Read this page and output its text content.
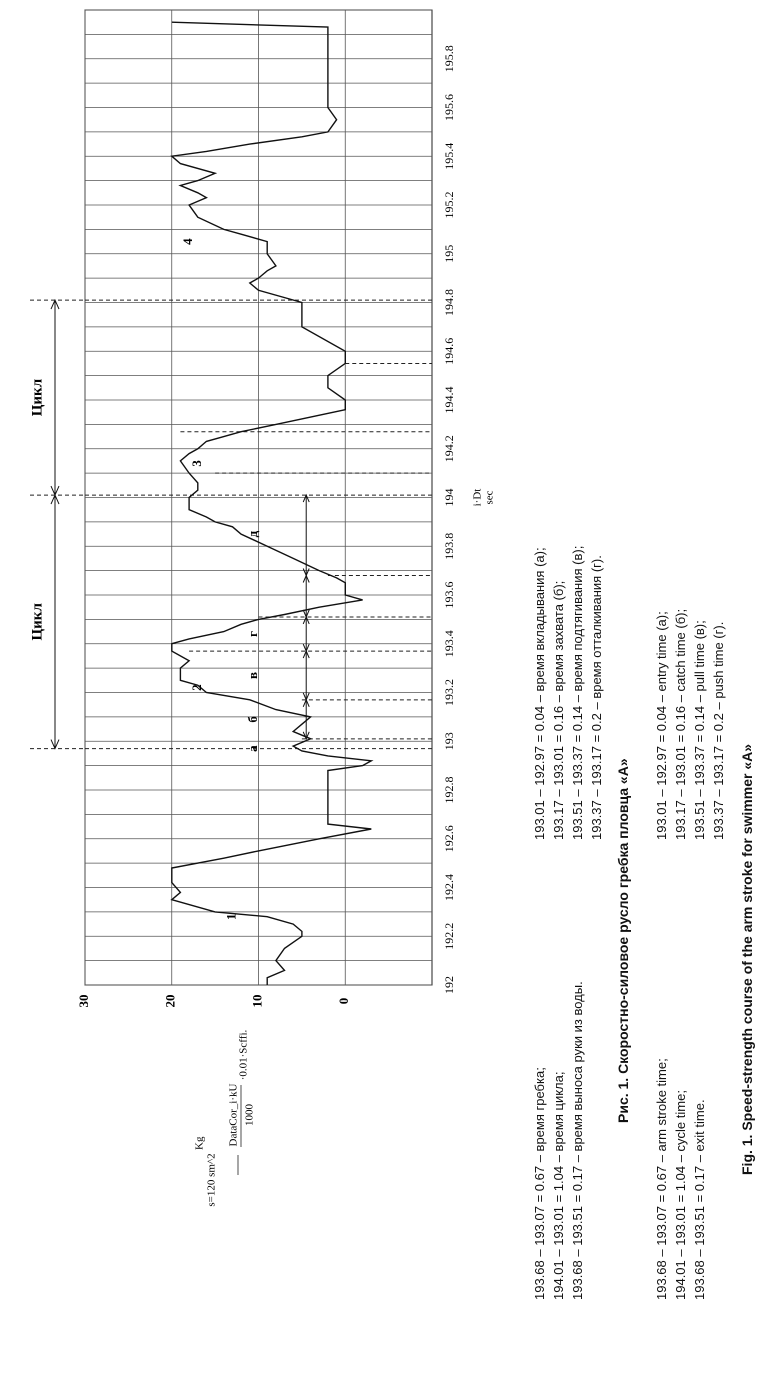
0
10
20
30
192
192.2
192.4
192.6
192.8
193
193.2
193.4
193.6
193.8
194
194.2
194.4
194.6
194.8
195
195.2
195.4
195.6
195.8
i·Dt sec
Kg
s=120 sm^2
DataCor_i·kU 1000
·0.01·Scffi.
Цикл
Цикл
а
б
в
г
д
1
2
3
4
193.68 – 193.07 = 0.67 – время гребка; 194.01 – 193.01 = 1.04 – время цикла; 193.68 – 193.51 = 0.17 – время выноса руки из воды.
193.01 – 192.97 = 0.04 – время вкладывания (а); 193.17 – 193.01 = 0.16 – время захвата (б); 193.51 – 193.37 = 0.14 – время подтягивания (в); 193.37 – 193.17 = 0.2 – время отталкивания (г).
Рис. 1. Скоростно-силовое русло гребка пловца «А»
193.68 – 193.07 = 0.67 – arm stroke time; 194.01 – 193.01 = 1.04 – cycle time; 193.68 – 193.51 = 0.17 – exit time.
193.01 – 192.97 = 0.04 – entry time (а); 193.17 – 193.01 = 0.16 – catch time (б); 193.51 – 193.37 = 0.14 – pull time (в); 193.37 – 193.17 = 0.2 – push time (г).
Fig. 1. Speed-strength course of the arm stroke for swimmer «A»
